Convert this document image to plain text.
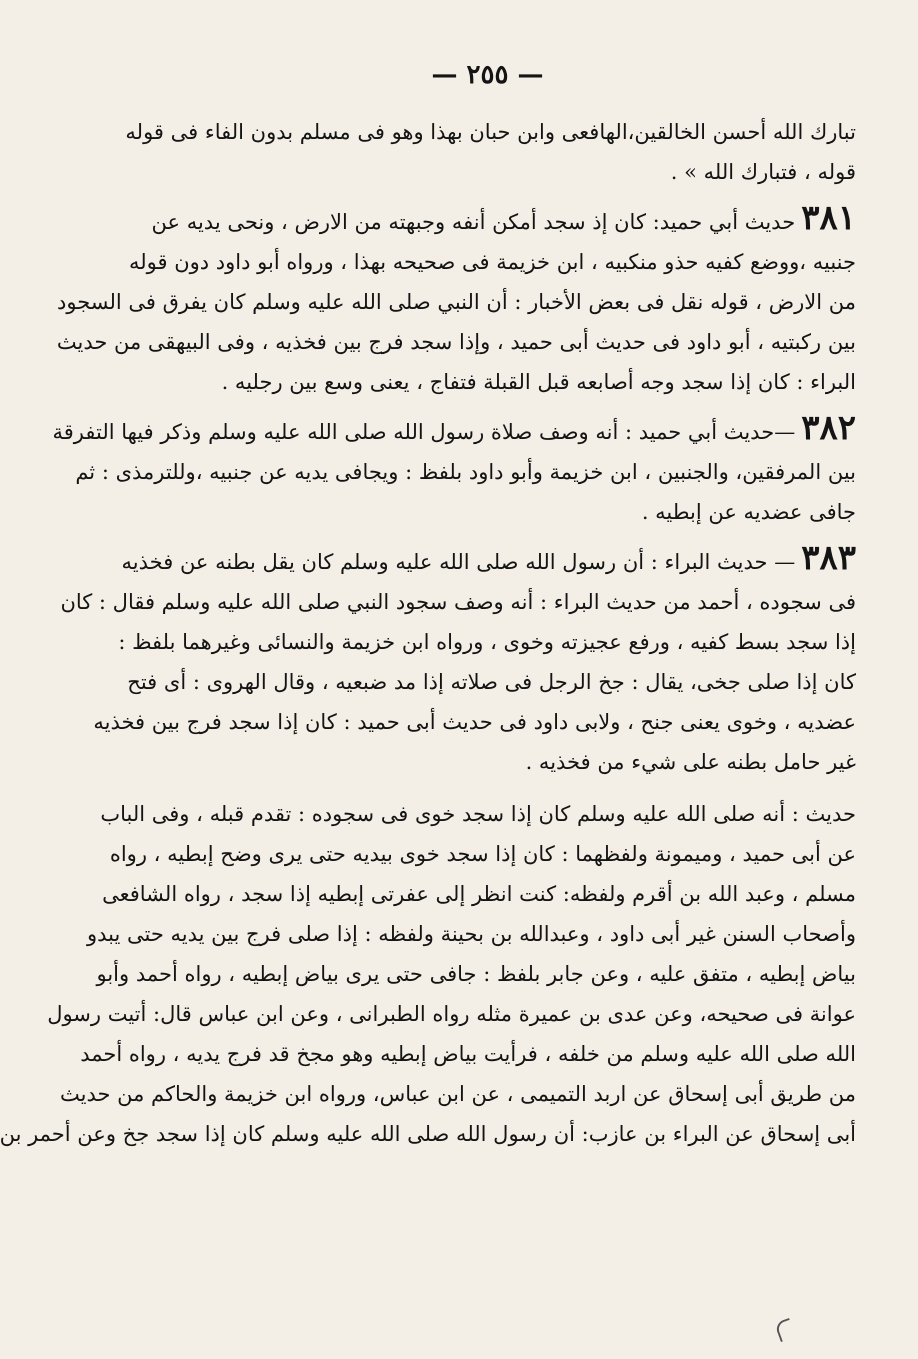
— ٢٥٥ —
تبارك الله أحسن الخالقين،الهافعى وابن حبان بهذا وهو فى مسلم بدون الفاء فى قوله
قوله ، فتبارك الله » .
٣٨١حديث أبي حميد: كان إذ سجد أمكن أنفه وجبهته من الارض ، ونحى يديه عن
جنبيه ،ووضع كفيه حذو منكبيه ، ابن خزيمة فى صحيحه بهذا ، ورواه أبو داود دون قوله
من الارض ، قوله نقل فى بعض الأخبار : أن النبي صلى الله عليه وسلم كان يفرق فى السجود
بين ركبتيه ، أبو داود فى حديث أبى حميد ، وإذا سجد فرج بين فخذيه ، وفى البيهقى من حديث
البراء : كان إذا سجد وجه أصابعه قبل القبلة فتفاج ، يعنى وسع بين رجليه .
٣٨٢—حديث أبي حميد : أنه وصف صلاة رسول الله صلى الله عليه وسلم وذكر فيها التفرقة
بين المرفقين، والجنبين ، ابن خزيمة وأبو داود بلفظ : ويجافى يديه عن جنبيه ،وللترمذى : ثم
جافى عضديه عن إبطيه .
٣٨٣— حديث البراء : أن رسول الله صلى الله عليه وسلم كان يقل بطنه عن فخذيه
فى سجوده ، أحمد من حديث البراء : أنه وصف سجود النبي صلى الله عليه وسلم فقال : كان
إذا سجد بسط كفيه ، ورفع عجيزته وخوى ، ورواه ابن خزيمة والنسائى وغيرهما بلفظ :
كان إذا صلى جخى، يقال : جخ الرجل فى صلاته إذا مد ضبعيه ، وقال الهروى : أى فتح
عضديه ، وخوى يعنى جنح ، ولابى داود فى حديث أبى حميد : كان إذا سجد فرج بين فخذيه
غير حامل بطنه على شيء من فخذيه .
حديث : أنه صلى الله عليه وسلم كان إذا سجد خوى فى سجوده : تقدم قبله ، وفى الباب
عن أبى حميد ، وميمونة ولفظهما : كان إذا سجد خوى بيديه حتى يرى وضح إبطيه ، رواه
مسلم ، وعبد الله بن أقرم ولفظه: كنت انظر إلى عفرتى إبطيه إذا سجد ، رواه الشافعى
وأصحاب السنن غير أبى داود ، وعبدالله بن بحينة ولفظه : إذا صلى فرج بين يديه حتى يبدو
بياض إبطيه ، متفق عليه ، وعن جابر بلفظ : جافى حتى يرى بياض إبطيه ، رواه أحمد وأبو
عوانة فى صحيحه، وعن عدى بن عميرة مثله رواه الطبرانى ، وعن ابن عباس قال: أتيت رسول
الله صلى الله عليه وسلم من خلفه ، فرأيت بياض إبطيه وهو مجخ قد فرج يديه ، رواه أحمد
من طريق أبى إسحاق عن اربد التميمى ، عن ابن عباس، ورواه ابن خزيمة والحاكم من حديث
أبى إسحاق عن البراء بن عازب: أن رسول الله صلى الله عليه وسلم كان إذا سجد جخ وعن أحمر بن
